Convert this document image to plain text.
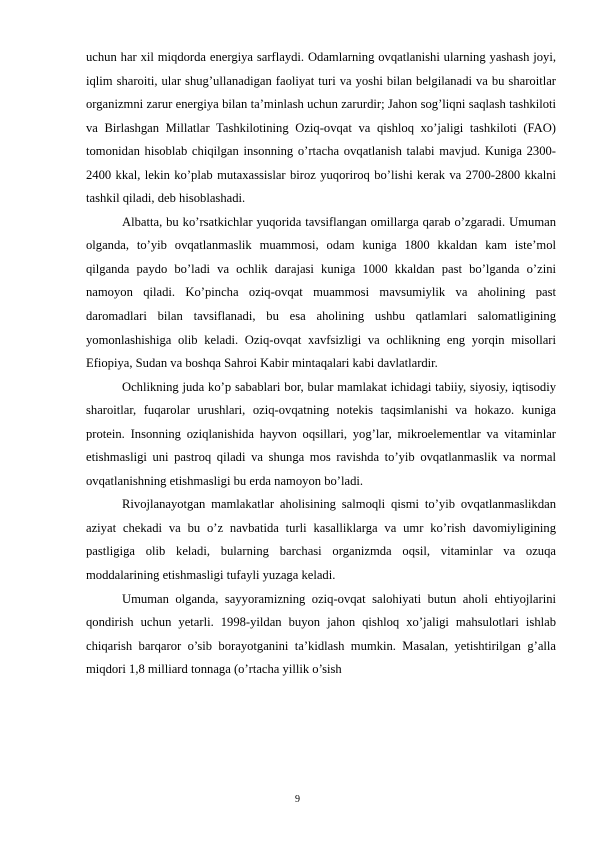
uchun har xil miqdorda energiya sarflaydi. Odamlarning ovqatlanishi ularning yashash joyi, iqlim sharoiti, ular shug’ullanadigan faoliyat turi va yoshi bilan belgilanadi va bu sharoitlar organizmni zarur energiya bilan ta’minlash uchun zarurdir; Jahon sog’liqni saqlash tashkiloti va Birlashgan Millatlar Tashkilotining Oziq-ovqat va qishloq xo’jaligi tashkiloti (FAO) tomonidan hisoblab chiqilgan insonning o’rtacha ovqatlanish talabi mavjud. Kuniga 2300-2400 kkal, lekin ko’plab mutaxassislar biroz yuqoriroq bo’lishi kerak va 2700-2800 kkalni tashkil qiladi, deb hisoblashadi.

Albatta, bu ko’rsatkichlar yuqorida tavsiflangan omillarga qarab o’zgaradi. Umuman olganda, to’yib ovqatlanmaslik muammosi, odam kuniga 1800 kkaldan kam iste’mol qilganda paydo bo’ladi va ochlik darajasi kuniga 1000 kkaldan past bo’lganda o’zini namoyon qiladi. Ko’pincha oziq-ovqat muammosi mavsumiylik va aholining past daromadlari bilan tavsiflanadi, bu esa aholining ushbu qatlamlari salomatligining yomonlashishiga olib keladi. Oziq-ovqat xavfsizligi va ochlikning eng yorqin misollari Efiopiya, Sudan va boshqa Sahroi Kabir mintaqalari kabi davlatlardir.

Ochlikning juda ko’p sabablari bor, bular mamlakat ichidagi tabiiy, siyosiy, iqtisodiy sharoitlar, fuqarolar urushlari, oziq-ovqatning notekis taqsimlanishi va hokazo. kuniga protein. Insonning oziqlanishida hayvon oqsillari, yog’lar, mikroelementlar va vitaminlar etishmasligi uni pastroq qiladi va shunga mos ravishda to’yib ovqatlanmaslik va normal ovqatlanishning etishmasligi bu erda namoyon bo’ladi.

Rivojlanayotgan mamlakatlar aholisining salmoqli qismi to’yib ovqatlanmaslikdan aziyat chekadi va bu o’z navbatida turli kasalliklarga va umr ko’rish davomiyligining pastligiga olib keladi, bularning barchasi organizmda oqsil, vitaminlar va ozuqa moddalarining etishmasligi tufayli yuzaga keladi.

Umuman olganda, sayyoramizning oziq-ovqat salohiyati butun aholi ehtiyojlarini qondirish uchun yetarli. 1998-yildan buyon jahon qishloq xo’jaligi mahsulotlari ishlab chiqarish barqaror o’sib borayotganini ta’kidlash mumkin. Masalan, yetishtirilgan g’alla miqdori 1,8 milliard tonnaga (o’rtacha yillik o’sish

9
